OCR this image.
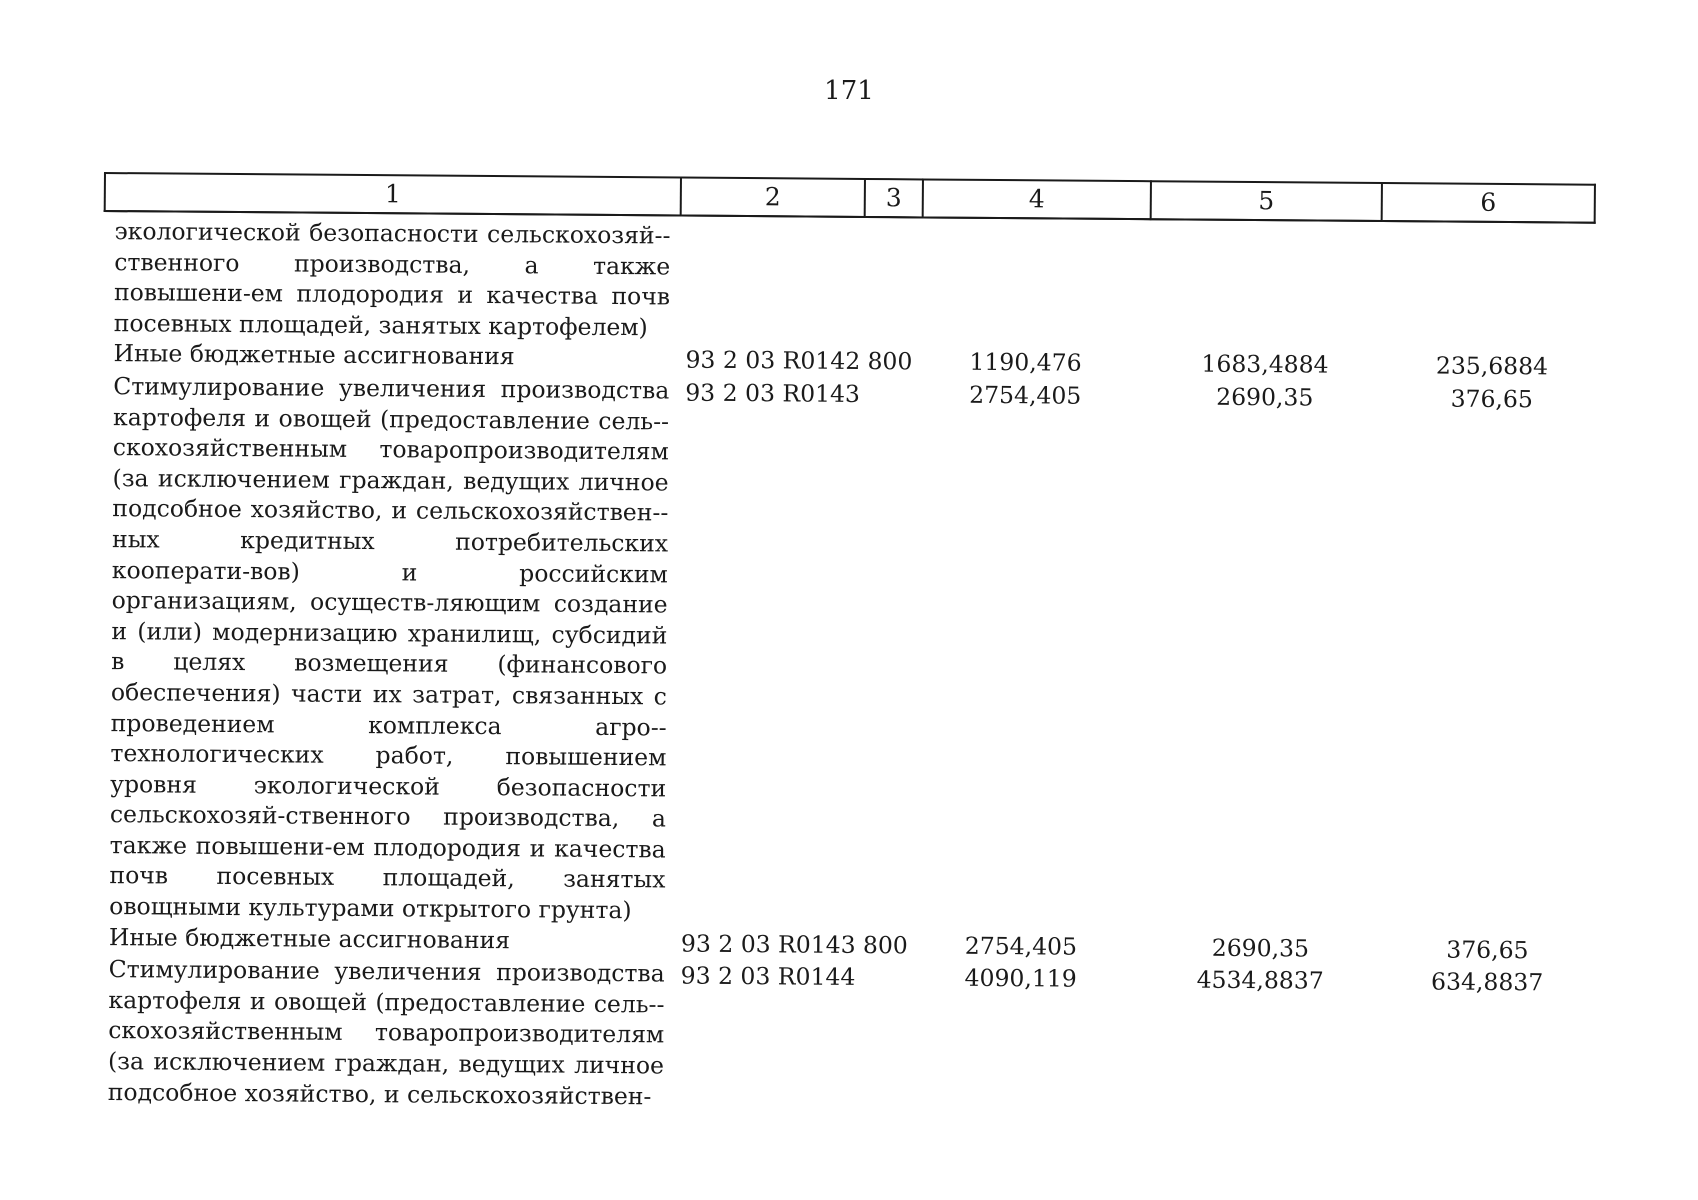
171
1	2	3	4	5	6
экологической безопасности сельскохозяй-ственного производства, а также повышени-ем плодородия и качества почв посевных площадей, занятых картофелем)					
Иные бюджетные ассигнования	93 2 03 R0142	800	1190,476	1683,4884	235,6884
Стимулирование увеличения производства картофеля и овощей (предоставление сель-скохозяйственным товаропроизводителям (за исключением граждан, ведущих личное подсобное хозяйство, и сельскохозяйствен-ных кредитных потребительских кооперати-вов) и российским организациям, осуществ-ляющим создание и (или) модернизацию хранилищ, субсидий в целях возмещения (финансового обеспечения) части их затрат, связанных с проведением комплекса агро-технологических работ, повышением уровня экологической безопасности сельскохозяй-ственного производства, а также повышени-ем плодородия и качества почв посевных площадей, занятых овощными культурами открытого грунта)	93 2 03 R0143		2754,405	2690,35	376,65
Иные бюджетные ассигнования	93 2 03 R0143	800	2754,405	2690,35	376,65
Стимулирование увеличения производства картофеля и овощей (предоставление сель-скохозяйственным товаропроизводителям (за исключением граждан, ведущих личное подсобное хозяйство, и сельскохозяйствен-	93 2 03 R0144		4090,119	4534,8837	634,8837
